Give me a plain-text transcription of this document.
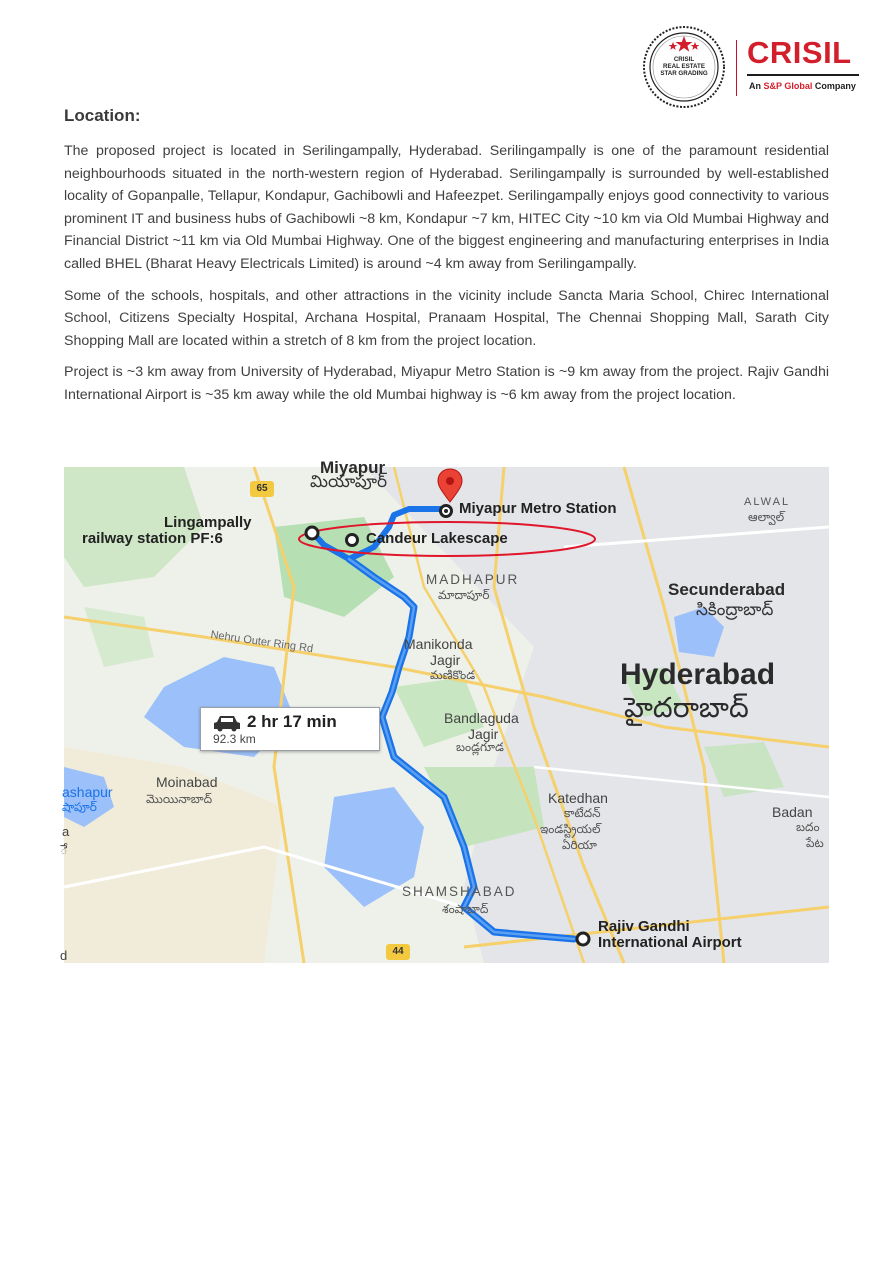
CRISIL
REAL ESTATE
STAR GRADING
CRISIL
An S&P Global Company
Location:

The proposed project is located in Serilingampally, Hyderabad. Serilingampally is one of the paramount residential neighbourhoods situated in the north-western region of Hyderabad. Serilingampally is surrounded by well-established locality of Gopanpalle, Tellapur, Kondapur, Gachibowli and Hafeezpet. Serilingampally enjoys good connectivity to various prominent IT and business hubs of Gachibowli ~8 km, Kondapur ~7 km, HITEC City ~10 km via Old Mumbai Highway and Financial District ~11 km via Old Mumbai Highway. One of the biggest engineering and manufacturing enterprises in India called BHEL (Bharat Heavy Electricals Limited) is around ~4 km away from Serilingampally.

Some of the schools, hospitals, and other attractions in the vicinity include Sancta Maria School, Chirec International School, Citizens Specialty Hospital, Archana Hospital, Pranaam Hospital, The Chennai Shopping Mall, Sarath City Shopping Mall are located within a stretch of 8 km from the project location.

Project is ~3 km away from University of Hyderabad, Miyapur Metro Station is ~9 km away from the project. Rajiv Gandhi International Airport is ~35 km away while the old Mumbai highway is ~6 km away from the project location.

65
44
Miyapur
మియాపూర్
Miyapur Metro Station	ALWAL
ఆల్వాల్
Lingampally
railway station PF:6	Candeur Lakescape
MADHAPUR
మాదాపూర్	Secunderabad
సికింద్రాబాద్
Nehru Outer Ring Rd	Manikonda
Jagir
మణికొండ	Hyderabad
హైదరాబాద్
Bandlaguda
Jagir
బండ్లగూడ
Moinabad
మొయినాబాద్
ashapur
షాపూర్
a
ే
d
Katedhan
కాటేదన్
ఇండస్ట్రియల్
ఏరియా
Badan
బదం
పేట
SHAMSHABAD
శంషాబాద్
Rajiv Gandhi
International Airport
2 hr 17 min
92.3 km
